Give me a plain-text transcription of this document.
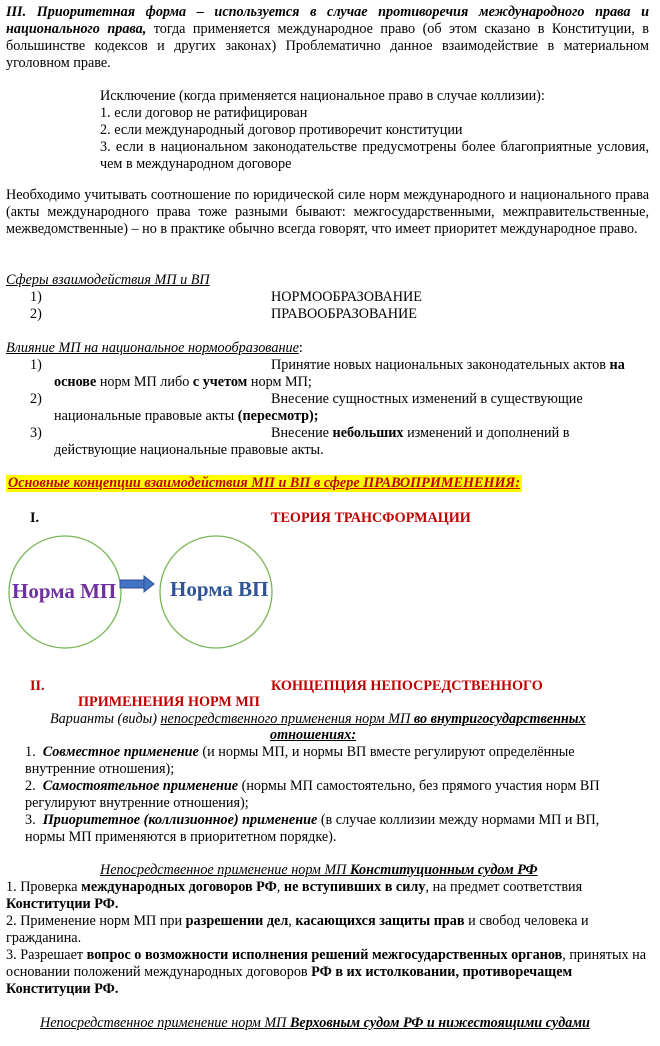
III. Приоритетная форма – используется в случае противоречия международного права и национального права, тогда применяется международное право (об этом сказано в Конституции, в большинстве кодексов и других законах) Проблематично данное взаимодействие в материальном уголовном праве.

Исключение (когда применяется национальное право в случае коллизии):

1. если договор не ратифицирован

2. если международный договор противоречит конституции

3. если в национальном законодательстве предусмотрены более благоприятные условия, чем в международном договоре

Необходимо учитывать соотношение по юридической силе норм международного и национального права (акты международного права тоже разными бывают: межгосударственными, межправительственные, межведомственные) – но в практике обычно всегда говорят, что имеет приоритет международное право.

Сферы взаимодействия МП и ВП

1)	НОРМООБРАЗОВАНИЕ
2)	ПРАВООБРАЗОВАНИЕ

Влияние МП на национальное нормообразование:

1)	Принятие новых национальных законодательных актов на

основе норм МП либо с учетом норм МП;

2)	Внесение сущностных изменений в существующие

национальные правовые акты (пересмотр);

3)	Внесение небольших изменений и дополнений в

действующие национальные правовые акты.

Основные концепции взаимодействия МП и ВП в сфере ПРАВОПРИМЕНЕНИЯ:

I.	ТЕОРИЯ ТРАНСФОРМАЦИИ
Норма МП	Норма ВП
II.	КОНЦЕПЦИЯ НЕПОСРЕДСТВЕННОГО
ПРИМЕНЕНИЯ НОРМ МП

Варианты (виды) непосредственного применения норм МП во внутригосударственных

отношениях:

1. Совместное применение (и нормы МП, и нормы ВП вместе регулируют определённые внутренние отношения);

2. Самостоятельное применение (нормы МП самостоятельно, без прямого участия норм ВП регулируют внутренние отношения);

3. Приоритетное (коллизионное) применение (в случае коллизии между нормами МП и ВП, нормы МП применяются в приоритетном порядке).

Непосредственное применение норм МП Конституционным судом РФ

1. Проверка международных договоров РФ, не вступивших в силу, на предмет соответствия Конституции РФ.

2. Применение норм МП при разрешении дел, касающихся защиты прав и свобод человека и гражданина.

3. Разрешает вопрос о возможности исполнения решений межгосударственных органов, принятых на основании положений международных договоров РФ в их истолковании, противоречащем Конституции РФ.

Непосредственное применение норм МП Верховным судом РФ и нижестоящими судами
